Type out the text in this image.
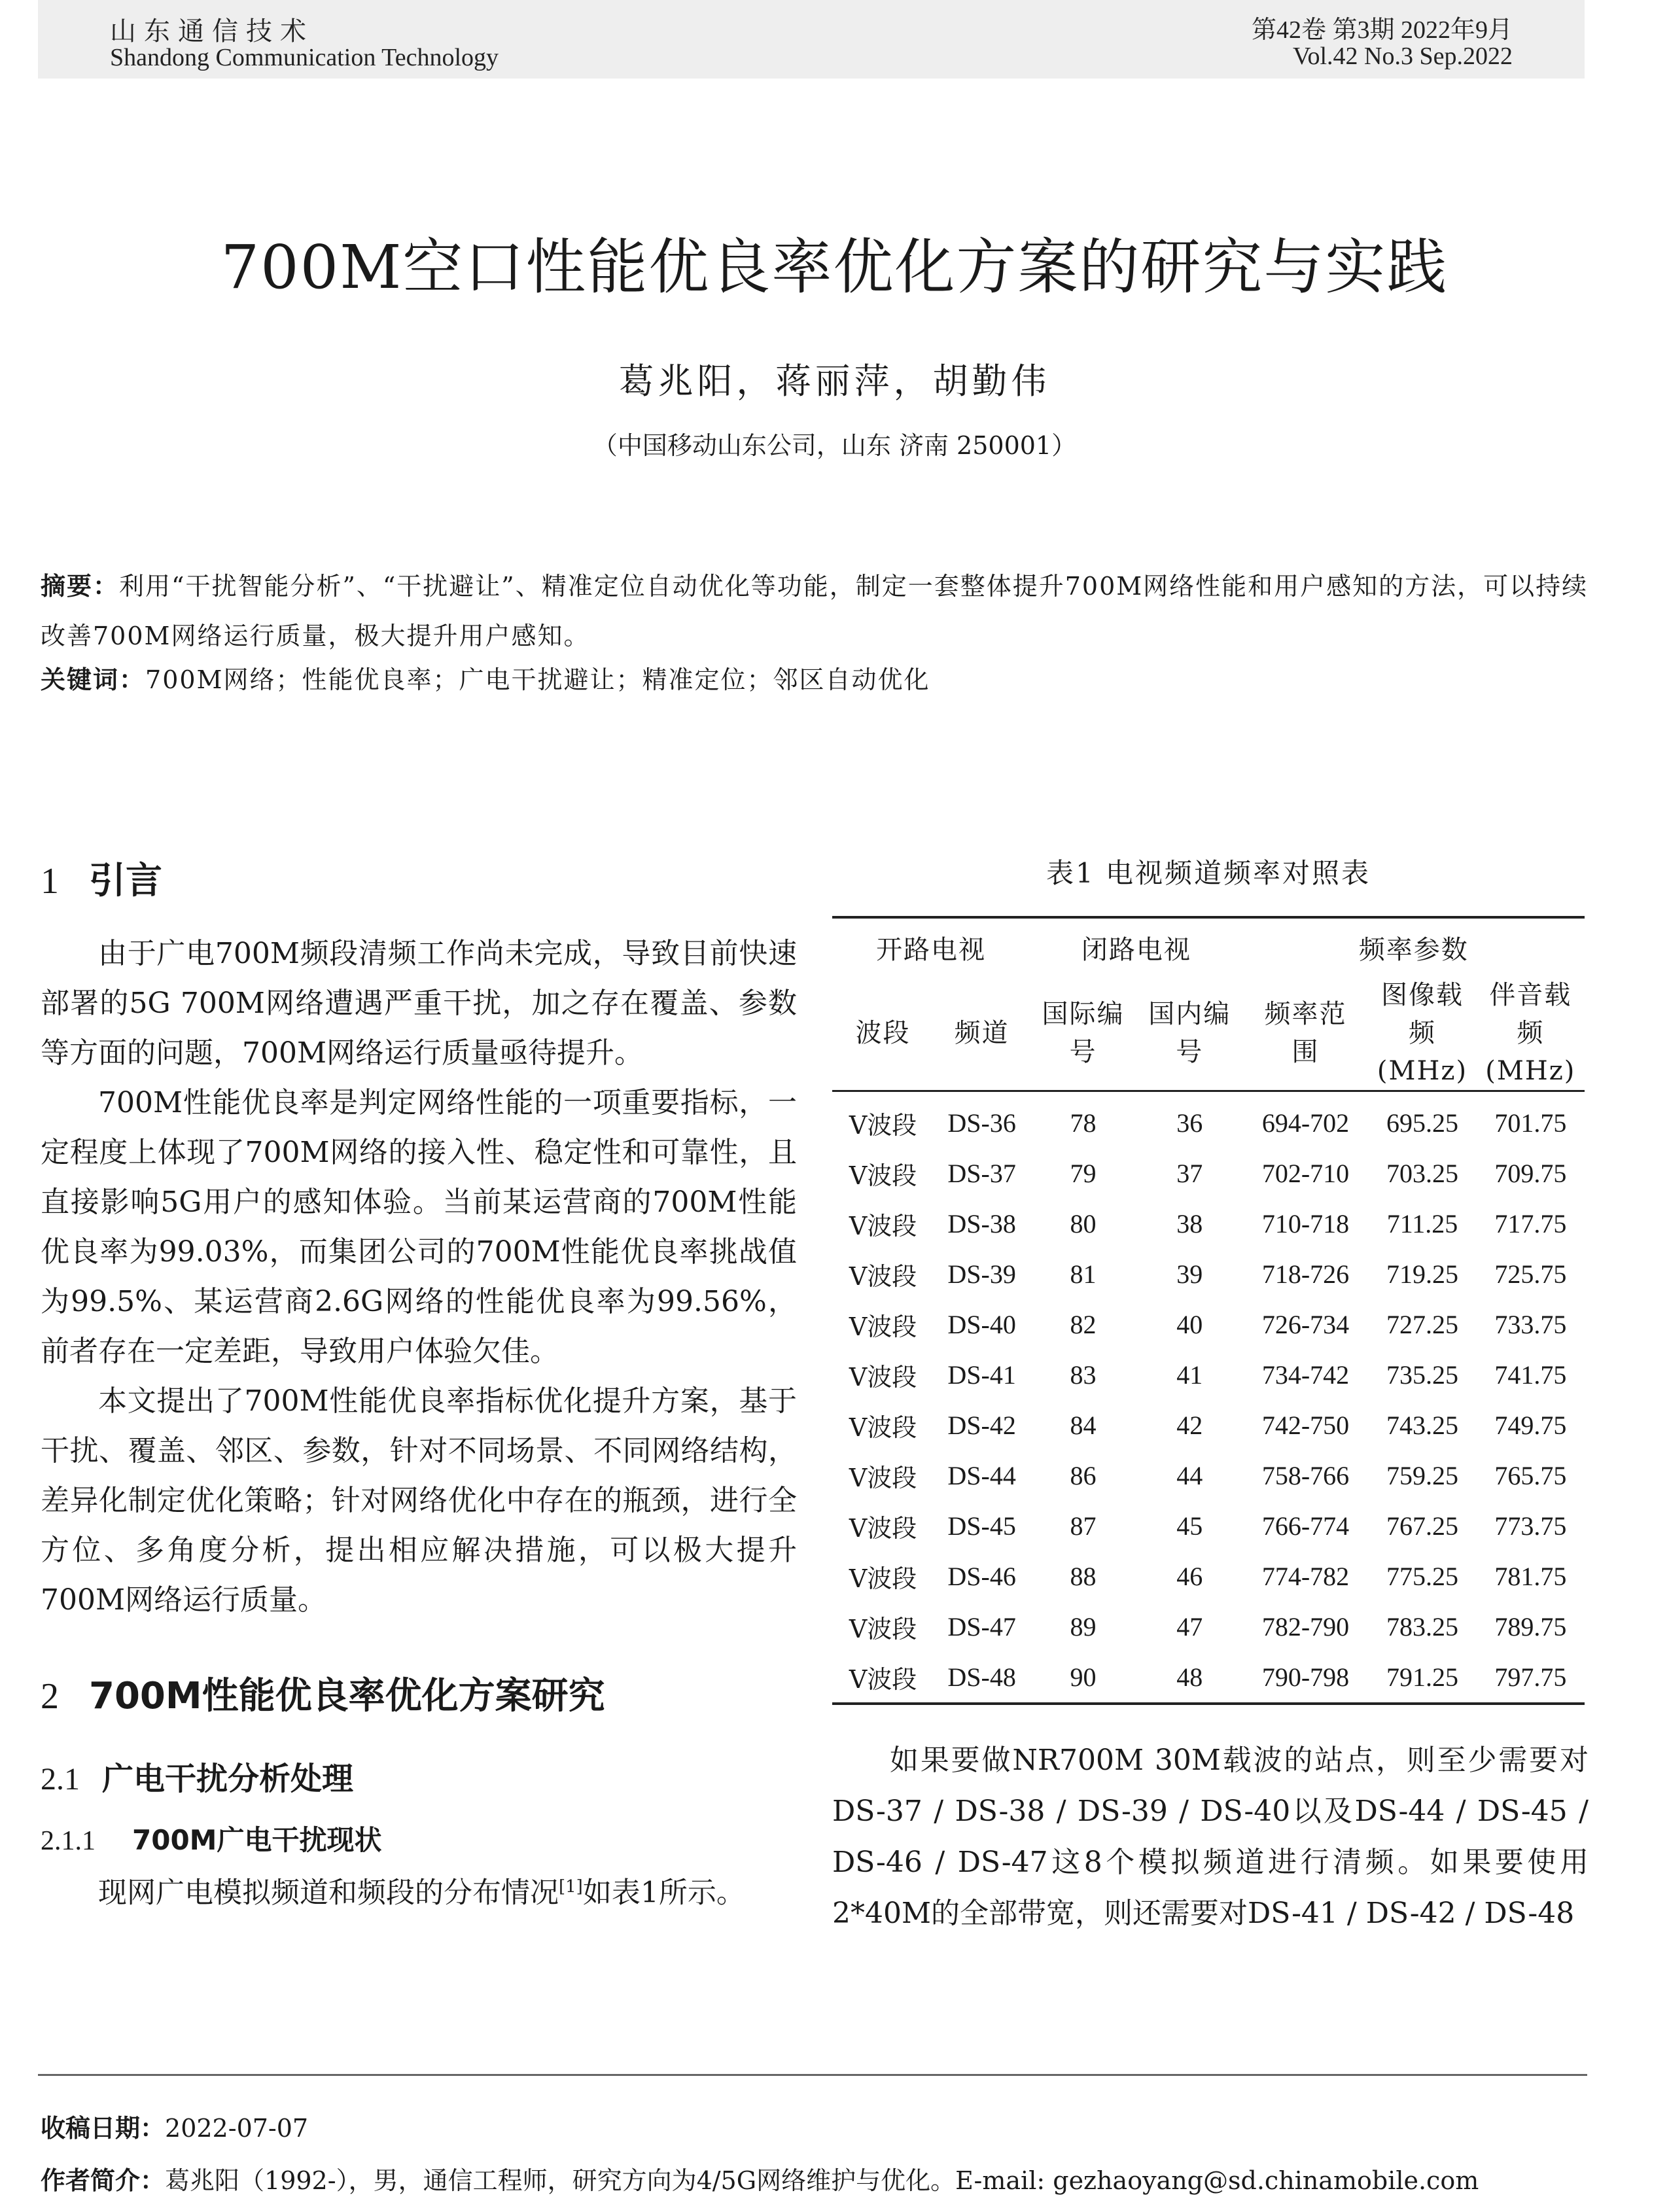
山东通信技术
Shandong Communication Technology
第42卷 第3期 2022年9月
Vol.42 No.3 Sep.2022
700M空口性能优良率优化方案的研究与实践
葛兆阳，蒋丽萍，胡勤伟
（中国移动山东公司，山东 济南 250001）
摘要：利用“干扰智能分析”、“干扰避让”、精准定位自动优化等功能，制定一套整体提升700M网络性能和用户感知的方法，可以持续改善700M网络运行质量，极大提升用户感知。
关键词：700M网络；性能优良率；广电干扰避让；精准定位；邻区自动优化
1 引言

由于广电700M频段清频工作尚未完成，导致目前快速部署的5G 700M网络遭遇严重干扰，加之存在覆盖、参数等方面的问题，700M网络运行质量亟待提升。

700M性能优良率是判定网络性能的一项重要指标，一定程度上体现了700M网络的接入性、稳定性和可靠性，且直接影响5G用户的感知体验。当前某运营商的700M性能优良率为99.03%，而集团公司的700M性能优良率挑战值为99.5%、某运营商2.6G网络的性能优良率为99.56%，前者存在一定差距，导致用户体验欠佳。

本文提出了700M性能优良率指标优化提升方案，基于干扰、覆盖、邻区、参数，针对不同场景、不同网络结构，差异化制定优化策略；针对网络优化中存在的瓶颈，进行全方位、多角度分析，提出相应解决措施，可以极大提升700M网络运行质量。

2 700M性能优良率优化方案研究
2.1 广电干扰分析处理
2.1.1 700M广电干扰现状

现网广电模拟频道和频段的分布情况[1]如表1所示。

表1 电视频道频率对照表
开路电视		闭路电视		频率参数		
波段	频道	国际编号	国内编号	频率范围	图像载频(MHz)	伴音载频(MHz)
V波段	DS-36	78	36	694-702	695.25	701.75
V波段	DS-37	79	37	702-710	703.25	709.75
V波段	DS-38	80	38	710-718	711.25	717.75
V波段	DS-39	81	39	718-726	719.25	725.75
V波段	DS-40	82	40	726-734	727.25	733.75
V波段	DS-41	83	41	734-742	735.25	741.75
V波段	DS-42	84	42	742-750	743.25	749.75
V波段	DS-44	86	44	758-766	759.25	765.75
V波段	DS-45	87	45	766-774	767.25	773.75
V波段	DS-46	88	46	774-782	775.25	781.75
V波段	DS-47	89	47	782-790	783.25	789.75
V波段	DS-48	90	48	790-798	791.25	797.75

如果要做NR700M 30M载波的站点，则至少需要对DS-37 / DS-38 / DS-39 / DS-40以及DS-44 / DS-45 / DS-46 / DS-47这8个模拟频道进行清频。如果要使用2*40M的全部带宽，则还需要对DS-41 / DS-42 / DS-48

收稿日期：2022-07-07
作者简介：葛兆阳（1992-），男，通信工程师，研究方向为4/5G网络维护与优化。E-mail: gezhaoyang@sd.chinamobile.com
